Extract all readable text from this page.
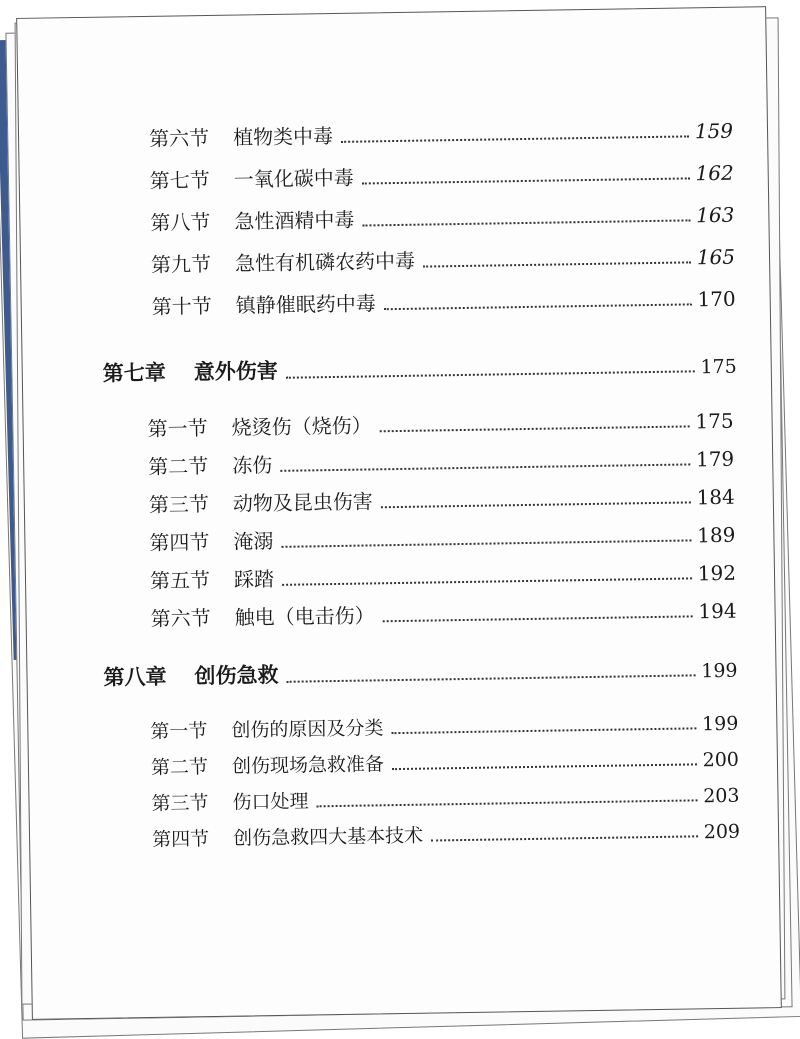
第六节 植物类中毒	159
第七节 一氧化碳中毒	162
第八节 急性酒精中毒	163
第九节 急性有机磷农药中毒	165
第十节 镇静催眠药中毒	170
第七章 意外伤害	175
第一节 烧烫伤（烧伤）	175
第二节 冻伤	179
第三节 动物及昆虫伤害	184
第四节 淹溺	189
第五节 踩踏	192
第六节 触电（电击伤）	194
第八章 创伤急救	199
第一节 创伤的原因及分类	199
第二节 创伤现场急救准备	200
第三节 伤口处理	203
第四节 创伤急救四大基本技术	209
